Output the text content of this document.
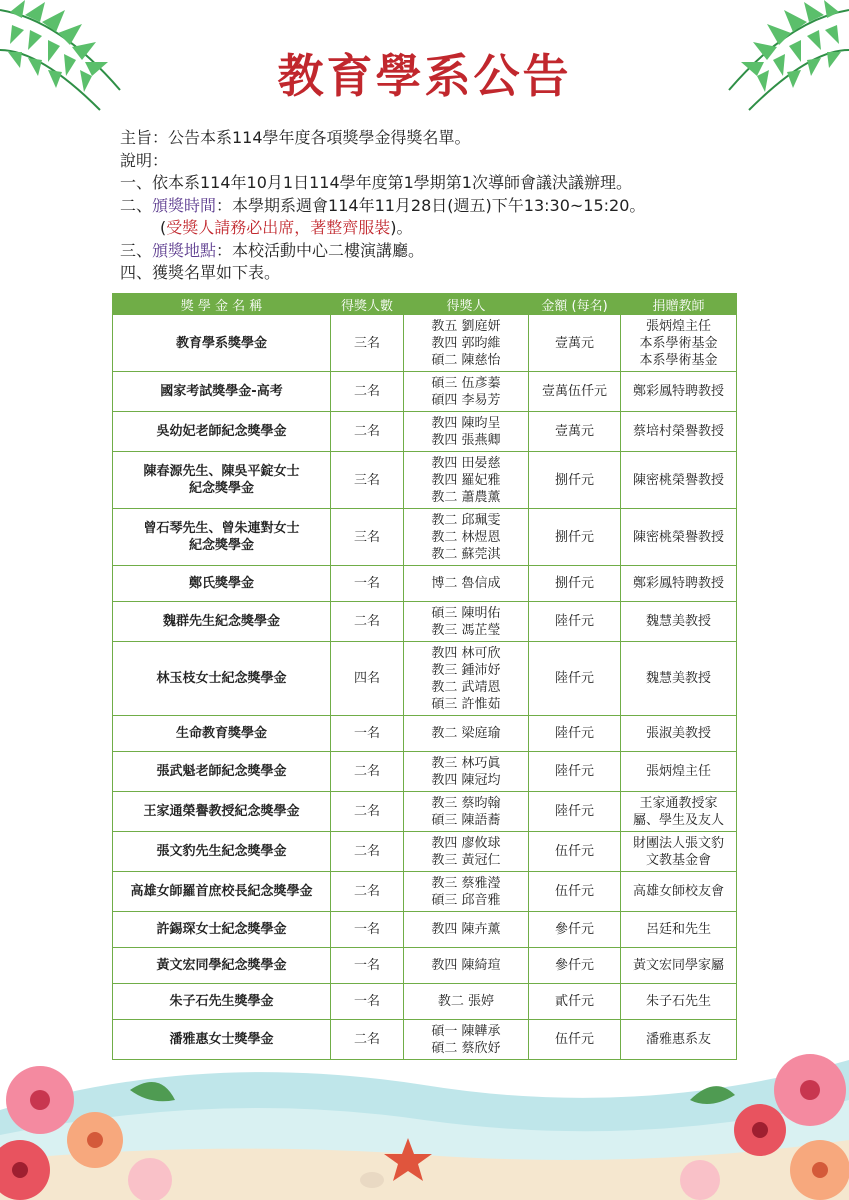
教育學系公告
主旨：公告本系114學年度各項獎學金得獎名單。
說明：
一、依本系114年10月1日114學年度第1學期第1次導師會議決議辦理。
二、頒獎時間：本學期系週會114年11月28日(週五)下午13:30~15:20。
(受獎人請務必出席，著整齊服裝)。
三、頒獎地點：本校活動中心二樓演講廳。
四、獲獎名單如下表。
獎 學 金 名 稱	得獎人數	得獎人	金額 (每名)	捐贈教師

教育學系獎學金	三名	教五 劉庭妍
教四 郭昀維
碩二 陳慈怡	壹萬元	張炳煌主任
本系學術基金
本系學術基金

國家考試獎學金-高考	二名	碩三 伍彥蓁
碩四 李易芳	壹萬伍仟元	鄭彩鳳特聘教授

吳幼妃老師紀念獎學金	二名	教四 陳昀呈
教四 張燕卿	壹萬元	蔡培村榮譽教授

陳春源先生、陳吳平錠女士
紀念獎學金	三名	教四 田晏慈
教四 羅妃雅
教二 蕭農薰	捌仟元	陳密桃榮譽教授

曾石琴先生、曾朱連對女士
紀念獎學金	三名	教二 邱珮雯
教二 林煜恩
教二 蘇莞淇	捌仟元	陳密桃榮譽教授

鄭氏獎學金	一名	博二 魯信成	捌仟元	鄭彩鳳特聘教授

魏群先生紀念獎學金	二名	碩三 陳明佑
教三 馮芷瑩	陸仟元	魏慧美教授

林玉枝女士紀念獎學金	四名	教四 林可欣
教三 鍾沛妤
教二 武靖恩
碩三 許惟茹	陸仟元	魏慧美教授

生命教育獎學金	一名	教二 梁庭瑜	陸仟元	張淑美教授

張武魁老師紀念獎學金	二名	教三 林巧眞
教四 陳冠均	陸仟元	張炳煌主任

王家通榮譽教授紀念獎學金	二名	教三 蔡昀翰
碩三 陳語蕎	陸仟元	王家通教授家
屬、學生及友人

張文豹先生紀念獎學金	二名	教四 廖攸球
教三 黃冠仁	伍仟元	財團法人張文豹
文教基金會

高雄女師羅首庶校長紀念獎學金	二名	教三 蔡雅瀅
碩三 邱音雅	伍仟元	高雄女師校友會

許錫琛女士紀念獎學金	一名	教四 陳卉薰	參仟元	呂廷和先生

黃文宏同學紀念獎學金	一名	教四 陳綺瑄	參仟元	黃文宏同學家屬

朱子石先生獎學金	一名	教二 張婷	貳仟元	朱子石先生

潘雅惠女士獎學金	二名	碩一 陳韡承
碩二 蔡欣妤	伍仟元	潘雅惠系友
